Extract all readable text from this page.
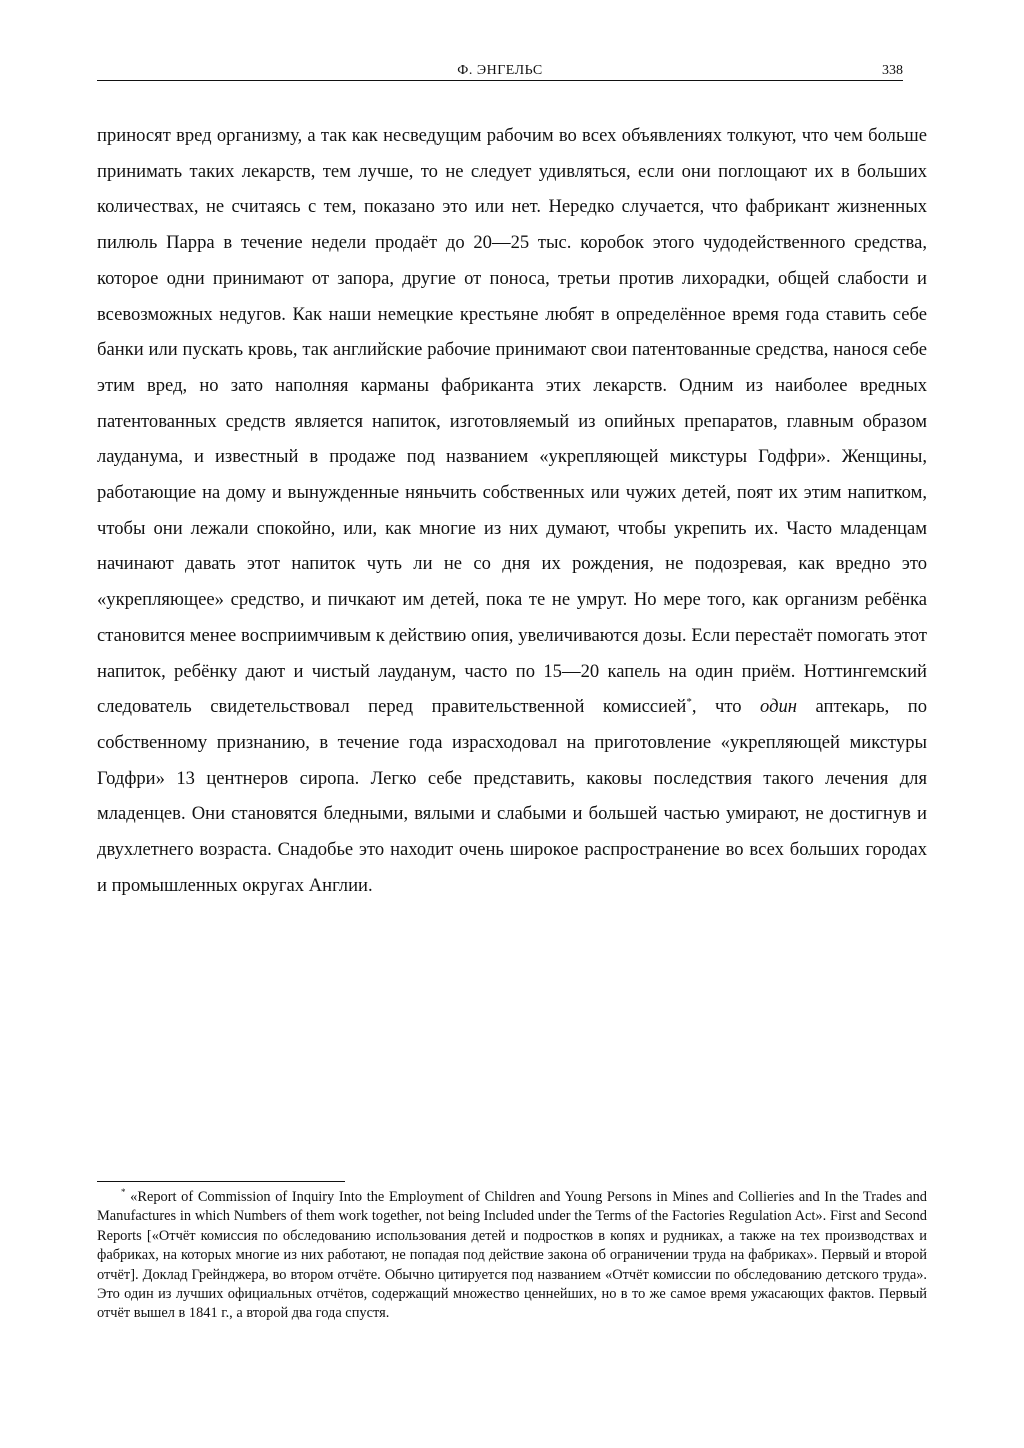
Ф. ЭНГЕЛЬС	338

приносят вред организму, а так как несведущим рабочим во всех объявлениях толкуют, что чем больше принимать таких лекарств, тем лучше, то не следует удивляться, если они поглощают их в больших количествах, не считаясь с тем, показано это или нет. Нередко случается, что фабрикант жизненных пилюль Парра в течение недели продаёт до 20—25 тыс. коробок этого чудодейственного средства, которое одни принимают от запора, другие от поноса, третьи против лихорадки, общей слабости и всевозможных недугов. Как наши немецкие крестьяне любят в определённое время года ставить себе банки или пускать кровь, так английские рабочие принимают свои патентованные средства, нанося себе этим вред, но зато наполняя карманы фабриканта этих лекарств. Одним из наиболее вредных патентованных средств является напиток, изготовляемый из опийных препаратов, главным образом лауданума, и известный в продаже под названием «укрепляющей микстуры Годфри». Женщины, работающие на дому и вынужденные няньчить собственных или чужих детей, поят их этим напитком, чтобы они лежали спокойно, или, как многие из них думают, чтобы укрепить их. Часто младенцам начинают давать этот напиток чуть ли не со дня их рождения, не подозревая, как вредно это «укрепляющее» средство, и пичкают им детей, пока те не умрут. Но мере того, как организм ребёнка становится менее восприимчивым к действию опия, увеличиваются дозы. Если перестаёт помогать этот напиток, ребёнку дают и чистый лауданум, часто по 15—20 капель на один приём. Ноттингемский следователь свидетельствовал перед правительственной комиссией*, что один аптекарь, по собственному признанию, в течение года израсходовал на приготовление «укрепляющей микстуры Годфри» 13 центнеров сиропа. Легко себе представить, каковы последствия такого лечения для младенцев. Они становятся бледными, вялыми и слабыми и большей частью умирают, не достигнув и двухлетнего возраста. Снадобье это находит очень широкое распространение во всех больших городах и промышленных округах Англии.

* «Report of Commission of Inquiry Into the Employment of Children and Young Persons in Mines and Collieries and In the Trades and Manufactures in which Numbers of them work together, not being Included under the Terms of the Factories Regulation Act». First and Second Reports [«Отчёт комиссия по обследованию использования детей и подростков в копях и рудниках, а также на тех производствах и фабриках, на которых многие из них работают, не попадая под действие закона об ограничении труда на фабриках». Первый и второй отчёт]. Доклад Грейнджера, во втором отчёте. Обычно цитируется под названием «Отчёт комиссии по обследованию детского труда». Это один из лучших официальных отчётов, содержащий множество ценнейших, но в то же самое время ужасающих фактов. Первый отчёт вышел в 1841 г., а второй два года спустя.
